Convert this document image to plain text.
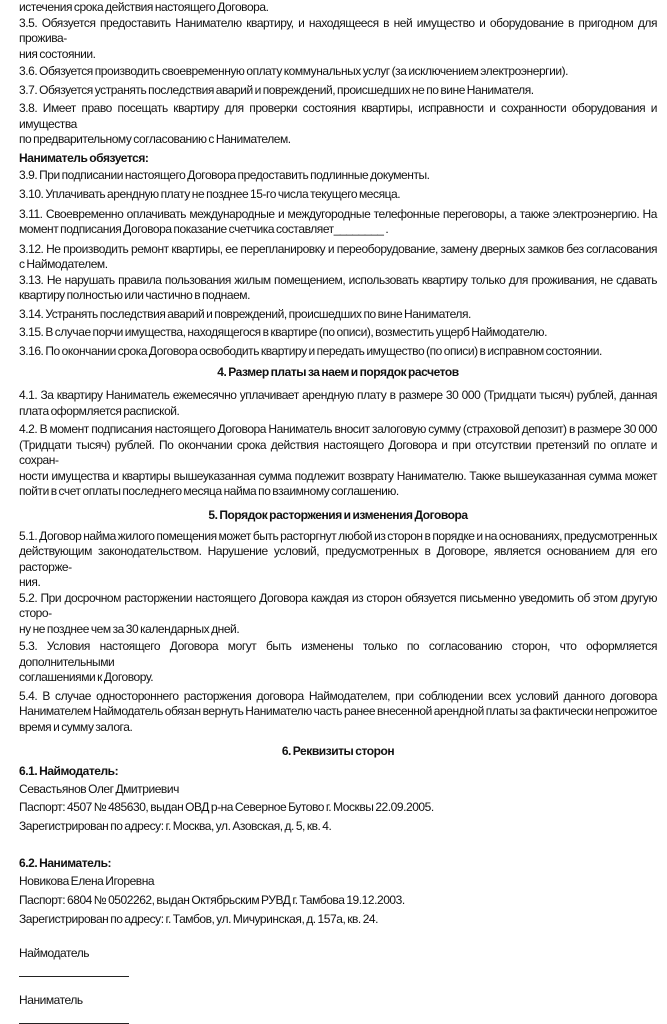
истечения срока действия настоящего Договора.

3.5. Обязуется предоставить Нанимателю квартиру, и находящееся в ней имущество и оборудование в пригодном для прожива-
ния состоянии.

3.6. Обязуется производить своевременную оплату коммунальных услуг (за исключением электроэнергии).

3.7. Обязуется устранять последствия аварий и повреждений, происшедших не по вине Нанимателя.

3.8. Имеет право посещать квартиру для проверки состояния квартиры, исправности и сохранности оборудования и имущества
по предварительному согласованию с Нанимателем.

Наниматель обязуется:

3.9. При подписании настоящего Договора предоставить подлинные документы.

3.10. Уплачивать арендную плату не позднее 15-го числа текущего месяца.

3.11. Своевременно оплачивать международные и междугородные телефонные переговоры, а также электроэнергию. На
момент подписания Договора показание счетчика составляет________ .

3.12. Не производить ремонт квартиры, ее перепланировку и переоборудование, замену дверных замков без согласования
с Наймодателем.

3.13. Не нарушать правила пользования жилым помещением, использовать квартиру только для проживания, не сдавать
квартиру полностью или частично в поднаем.

3.14. Устранять последствия аварий и повреждений, происшедших по вине Нанимателя.

3.15. В случае порчи имущества, находящегося в квартире (по описи), возместить ущерб Наймодателю.

3.16. По окончании срока Договора освободить квартиру и передать имущество (по описи) в исправном состоянии.

4. Размер платы за наем и порядок расчетов

4.1. За квартиру Наниматель ежемесячно уплачивает арендную плату в размере 30 000 (Тридцати тысяч) рублей, данная
плата оформляется распиской.

4.2. В момент подписания настоящего Договора Наниматель вносит залоговую сумму (страховой депозит) в размере 30 000
(Тридцати тысяч) рублей. По окончании срока действия настоящего Договора и при отсутствии претензий по оплате и сохран-
ности имущества и квартиры вышеуказанная сумма подлежит возврату Нанимателю. Также вышеуказанная сумма может
пойти в счет оплаты последнего месяца найма по взаимному соглашению.

5. Порядок расторжения и изменения Договора

5.1. Договор найма жилого помещения может быть расторгнут любой из сторон в порядке и на основаниях, предусмотренных
действующим законодательством. Нарушение условий, предусмотренных в Договоре, является основанием для его расторже-
ния.

5.2. При досрочном расторжении настоящего Договора каждая из сторон обязуется письменно уведомить об этом другую сторо-
ну не позднее чем за 30 календарных дней.

5.3. Условия настоящего Договора могут быть изменены только по согласованию сторон, что оформляется дополнительными
соглашениями к Договору.

5.4. В случае одностороннего расторжения договора Наймодателем, при соблюдении всех условий данного договора
Нанимателем Наймодатель обязан вернуть Нанимателю часть ранее внесенной арендной платы за фактически непрожитое
время и сумму залога.

6. Реквизиты сторон
6.1. Наймодатель:
Севастьянов Олег Дмитриевич
Паспорт: 4507 № 485630, выдан ОВД р-на Северное Бутово г. Москвы 22.09.2005.
Зарегистрирован по адресу: г. Москва, ул. Азовская, д. 5, кв. 4.
6.2. Наниматель:
Новикова Елена Игоревна
Паспорт: 6804 № 0502262, выдан Октябрьским РУВД г. Тамбова 19.12.2003.
Зарегистрирован по адресу: г. Тамбов, ул. Мичуринская, д. 157а, кв. 24.
Наймодатель
Наниматель
